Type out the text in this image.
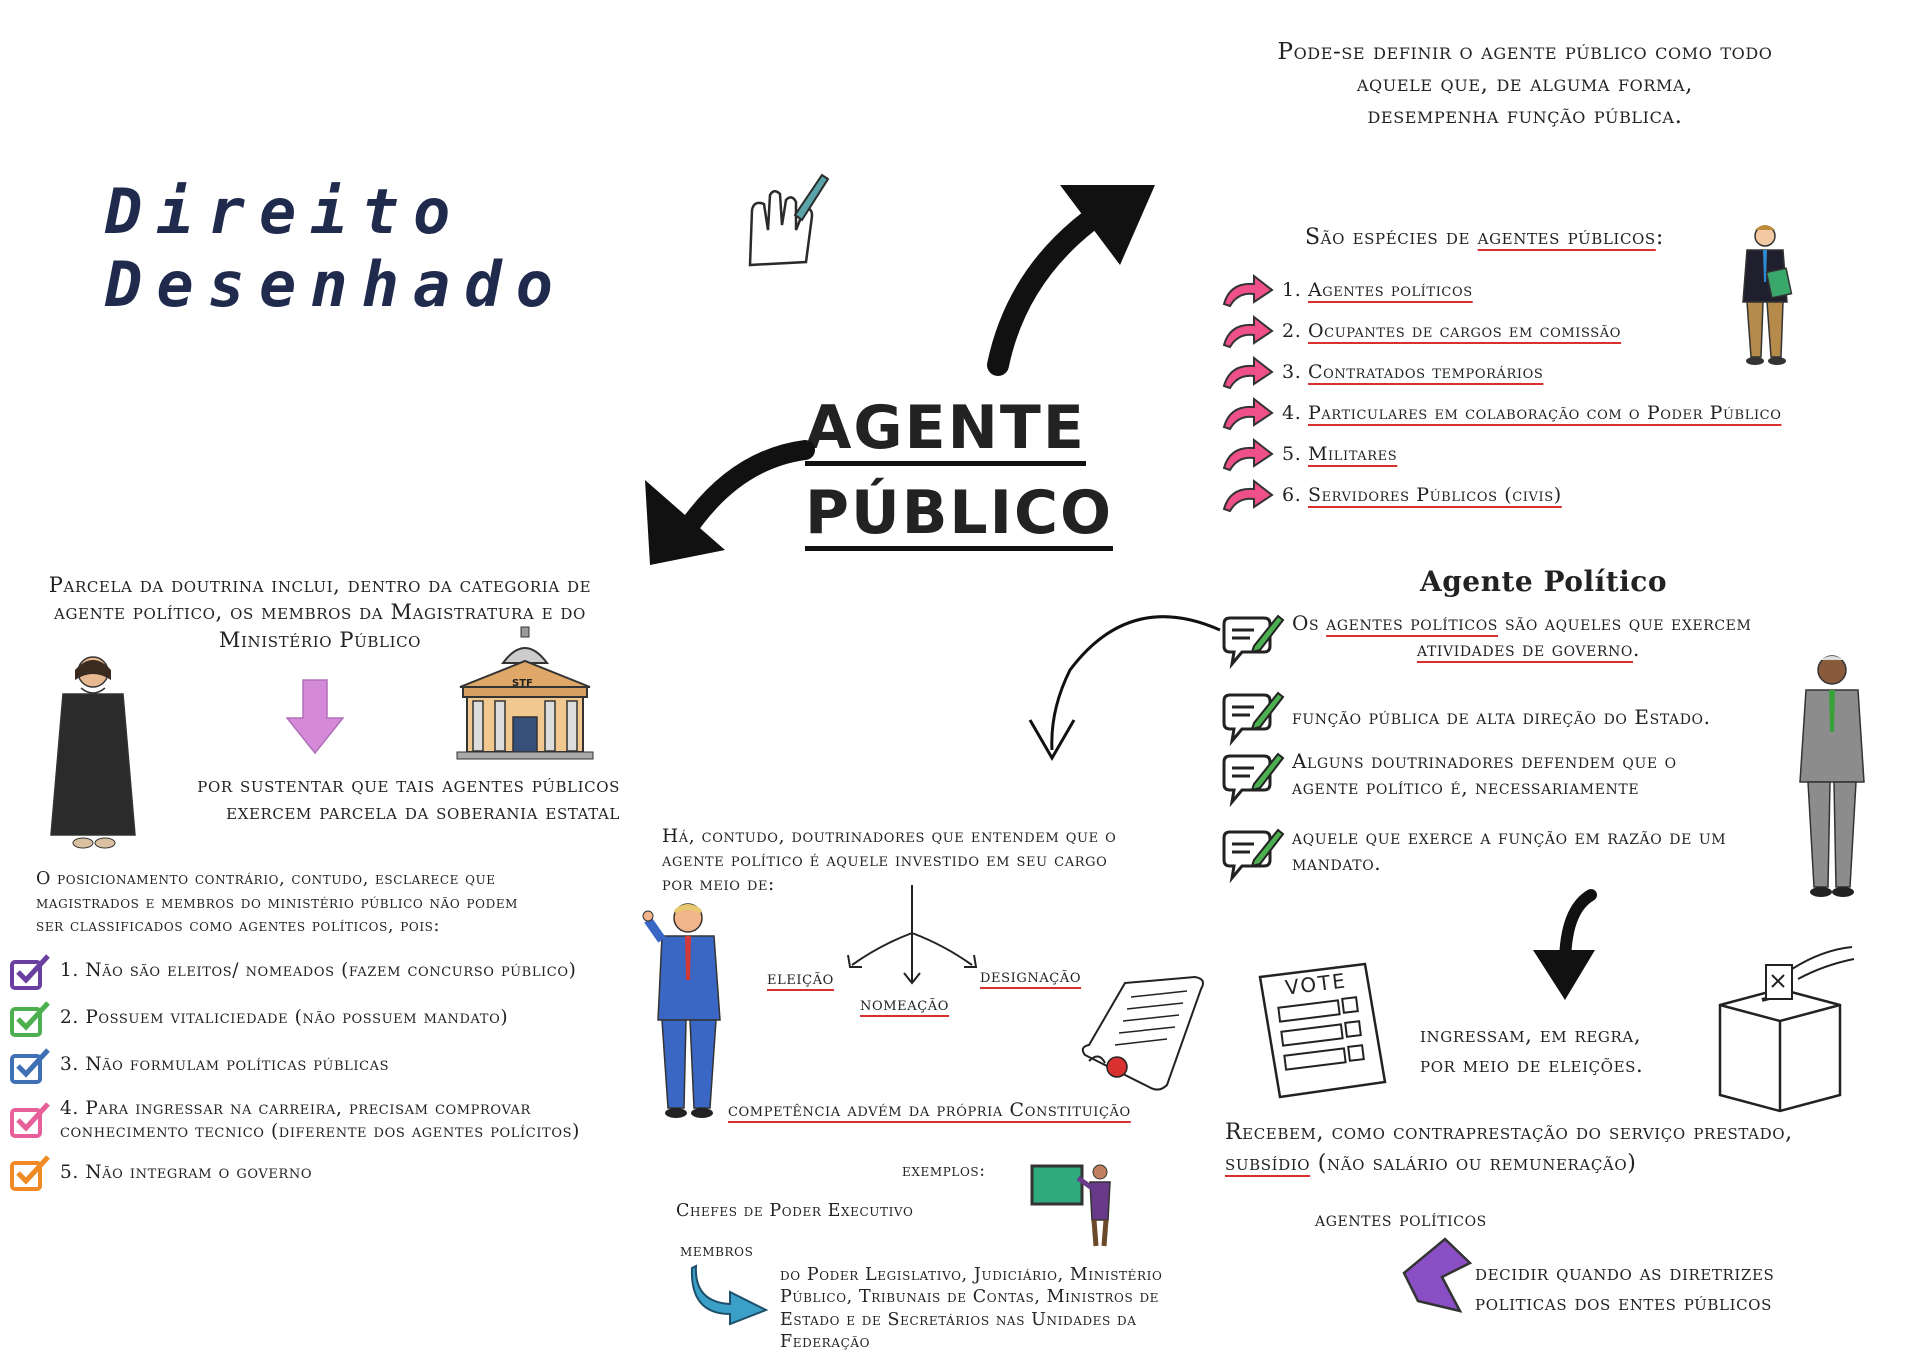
Direito Desenhado
AGENTE
PÚBLICO
Pode-se definir o agente público como todo
aquele que, de alguma forma,
desempenha função pública.
São espécies de agentes públicos:
1. Agentes políticos
2. Ocupantes de cargos em comissão
3. Contratados temporários
4. Particulares em colaboração com o Poder Público
5. Militares
6. Servidores Públicos (civis)
Agente Político
Os agentes políticos são aqueles que exercem
atividades de governo.
função pública de alta direção do Estado.
Alguns doutrinadores defendem que o
agente político é, necessariamente
aquele que exerce a função em razão de um
mandato.
VOTE
ingressam, em regra,
por meio de eleições.
Recebem, como contraprestação do serviço prestado,
subsídio (não salário ou remuneração)
agentes políticos
decidir quando as diretrizes
politicas dos entes públicos
Parcela da doutrina inclui, dentro da categoria de
agente político, os membros da Magistratura e do
Ministério Público
STF
por sustentar que tais agentes públicos
exercem parcela da soberania estatal
O posicionamento contrário, contudo, esclarece que
magistrados e membros do ministério público não podem
ser classificados como agentes políticos, pois:
1. Não são eleitos/ nomeados (fazem concurso público)
2. Possuem vitaliciedade (não possuem mandato)
3. Não formulam políticas públicas
4. Para ingressar na carreira, precisam comprovar
conhecimento tecnico (diferente dos agentes polícitos)
5. Não integram o governo
Há, contudo, doutrinadores que entendem que o
agente político é aquele investido em seu cargo
por meio de:
eleição	designação
nomeação
competência advém da própria Constituição
exemplos:
Chefes de Poder Executivo
membros
do Poder Legislativo, Judiciário, Ministério
Público, Tribunais de Contas, Ministros de
Estado e de Secretários nas Unidades da
Federação
